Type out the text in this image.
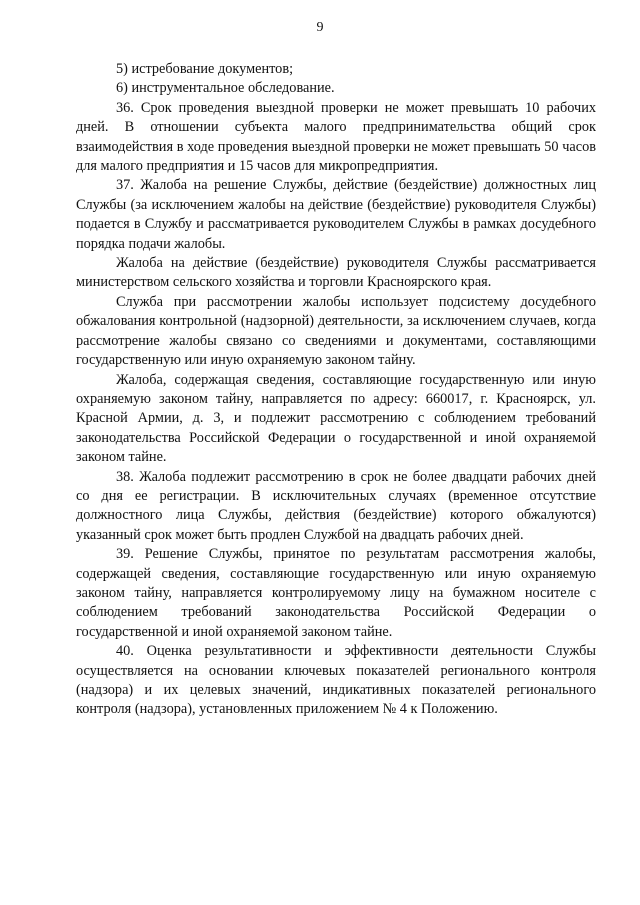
9

5) истребование документов;

6) инструментальное обследование.

36. Срок проведения выездной проверки не может превышать 10 рабочих дней. В отношении субъекта малого предпринимательства общий срок взаимодействия в ходе проведения выездной проверки не может превышать 50 часов для малого предприятия и 15 часов для микропредприятия.

37. Жалоба на решение Службы, действие (бездействие) должностных лиц Службы (за исключением жалобы на действие (бездействие) руководителя Службы) подается в Службу и рассматривается руководителем Службы в рамках досудебного порядка подачи жалобы.

Жалоба на действие (бездействие) руководителя Службы рассматривается министерством сельского хозяйства и торговли Красноярского края.

Служба при рассмотрении жалобы использует подсистему досудебного обжалования контрольной (надзорной) деятельности, за исключением случаев, когда рассмотрение жалобы связано со сведениями и документами, составляющими государственную или иную охраняемую законом тайну.

Жалоба, содержащая сведения, составляющие государственную или иную охраняемую законом тайну, направляется по адресу: 660017, г. Красноярск, ул. Красной Армии, д. 3, и подлежит рассмотрению с соблюдением требований законодательства Российской Федерации о государственной и иной охраняемой законом тайне.

38. Жалоба подлежит рассмотрению в срок не более двадцати рабочих дней со дня ее регистрации. В исключительных случаях (временное отсутствие должностного лица Службы, действия (бездействие) которого обжалуются) указанный срок может быть продлен Службой на двадцать рабочих дней.

39. Решение Службы, принятое по результатам рассмотрения жалобы, содержащей сведения, составляющие государственную или иную охраняемую законом тайну, направляется контролируемому лицу на бумажном носителе с соблюдением требований законодательства Российской Федерации о государственной и иной охраняемой законом тайне.

40. Оценка результативности и эффективности деятельности Службы осуществляется на основании ключевых показателей регионального контроля (надзора) и их целевых значений, индикативных показателей регионального контроля (надзора), установленных приложением № 4 к Положению.
